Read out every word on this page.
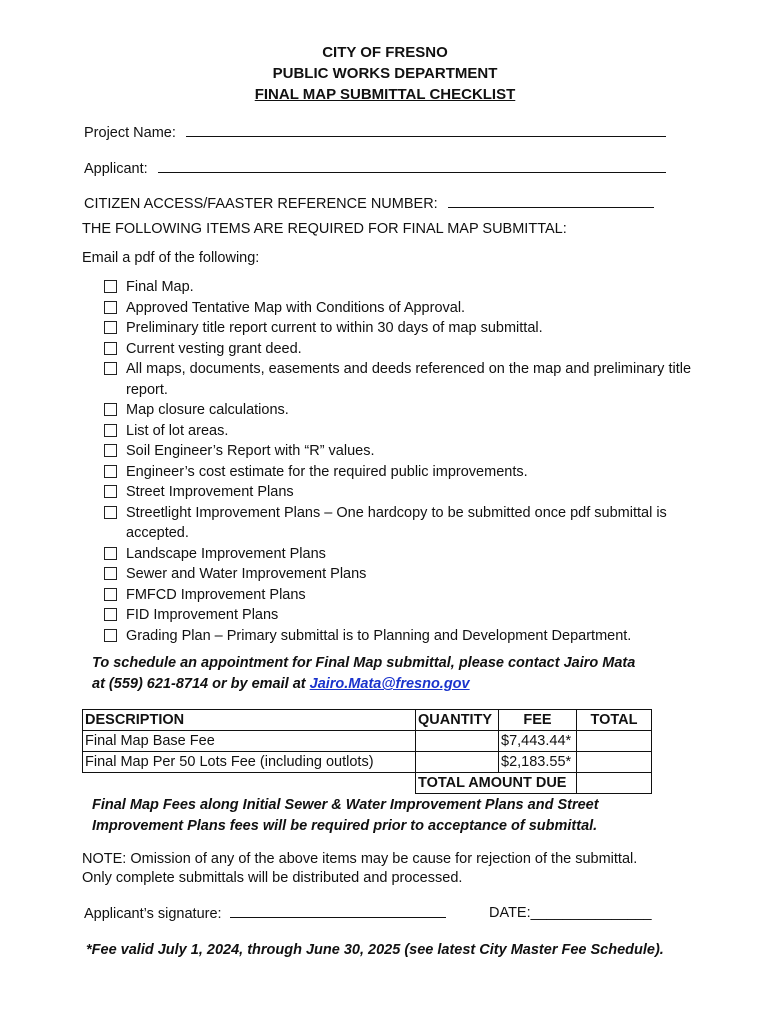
CITY OF FRESNO
PUBLIC WORKS DEPARTMENT
FINAL MAP SUBMITTAL CHECKLIST
Project Name:
Applicant:
CITIZEN ACCESS/FAASTER REFERENCE NUMBER:
THE FOLLOWING ITEMS ARE REQUIRED FOR FINAL MAP SUBMITTAL:
Email a pdf of the following:
Final Map.
Approved Tentative Map with Conditions of Approval.
Preliminary title report current to within 30 days of map submittal.
Current vesting grant deed.
All maps, documents, easements and deeds referenced on the map and preliminary title report.
Map closure calculations.
List of lot areas.
Soil Engineer’s Report with “R” values.
Engineer’s cost estimate for the required public improvements.
Street Improvement Plans
Streetlight Improvement Plans – One hardcopy to be submitted once pdf submittal is accepted.
Landscape Improvement Plans
Sewer and Water Improvement Plans
FMFCD Improvement Plans
FID Improvement Plans
Grading Plan – Primary submittal is to Planning and Development Department.
To schedule an appointment for Final Map submittal, please contact Jairo Mata
at (559) 621-8714 or by email at Jairo.Mata@fresno.gov
DESCRIPTION	QUANTITY	FEE	TOTAL
Final Map Base Fee		$7,443.44*	
Final Map Per 50 Lots Fee (including outlots)		$2,183.55*	
	TOTAL AMOUNT DUE		
Final Map Fees along Initial Sewer & Water Improvement Plans and Street
Improvement Plans fees will be required prior to acceptance of submittal.
NOTE: Omission of any of the above items may be cause for rejection of the submittal.
Only complete submittals will be distributed and processed.
Applicant’s signature:	DATE:_______________
*Fee valid July 1, 2024, through June 30, 2025 (see latest City Master Fee Schedule).
